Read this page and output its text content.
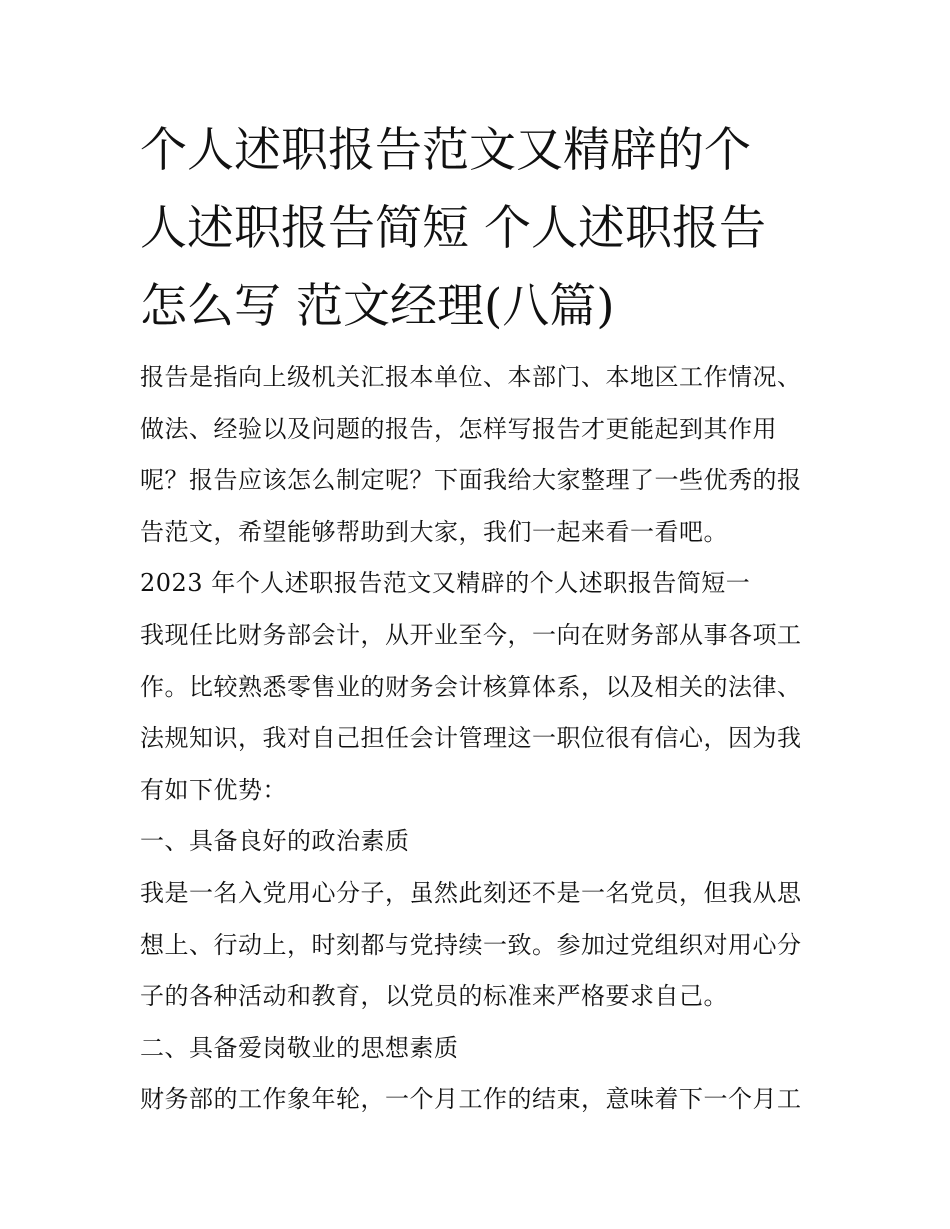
个人述职报告范文又精辟的个
人述职报告简短 个人述职报告
怎么写 范文经理(八篇)
报告是指向上级机关汇报本单位、本部门、本地区工作情况、
做法、经验以及问题的报告，怎样写报告才更能起到其作用
呢？报告应该怎么制定呢？下面我给大家整理了一些优秀的报
告范文，希望能够帮助到大家，我们一起来看一看吧。
2023 年个人述职报告范文又精辟的个人述职报告简短一
我现任比财务部会计，从开业至今，一向在财务部从事各项工
作。比较熟悉零售业的财务会计核算体系，以及相关的法律、
法规知识，我对自己担任会计管理这一职位很有信心，因为我
有如下优势：
一、具备良好的政治素质
我是一名入党用心分子，虽然此刻还不是一名党员，但我从思
想上、行动上，时刻都与党持续一致。参加过党组织对用心分
子的各种活动和教育，以党员的标准来严格要求自己。
二、具备爱岗敬业的思想素质
财务部的工作象年轮，一个月工作的结束，意味着下一个月工
